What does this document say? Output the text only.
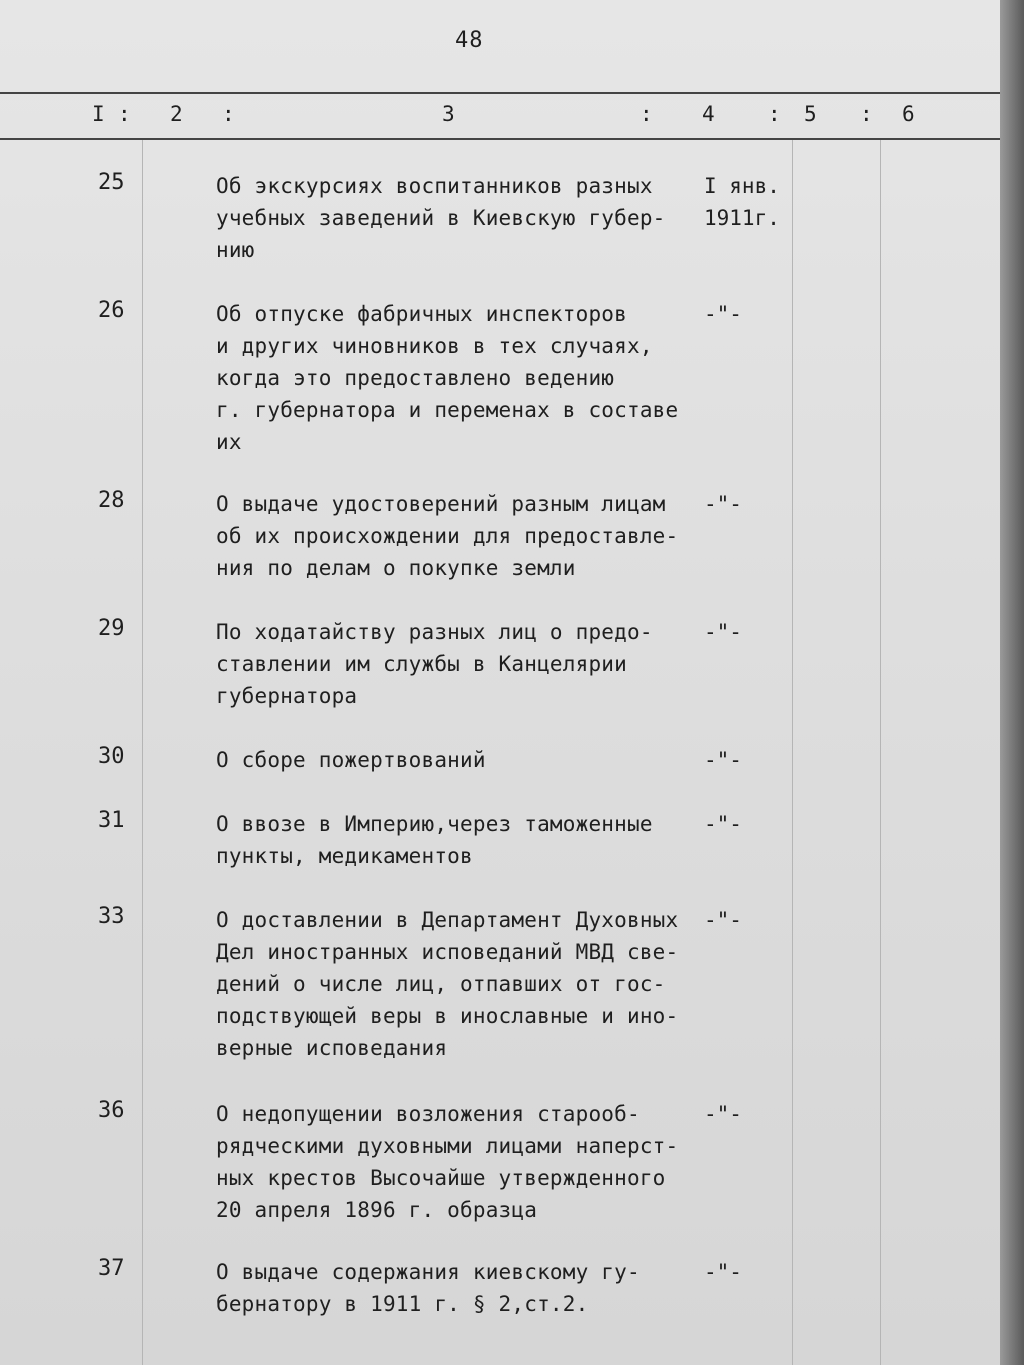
48
I : 2 :	3	: 4	: 5 : 6
25	Об экскурсиях воспитанников разных
учебных заведений в Киевскую губер-
нию
I янв.
1911г.
26	Об отпуске фабричных инспекторов
и других чиновников в тех случаях,
когда это предоставлено ведению
г. губернатора и переменах в составе
их
-"-
28	О выдаче удостоверений разным лицам
об их происхождении для предоставле-
ния по делам о покупке земли
-"-
29	По ходатайству разных лиц о предо-
ставлении им службы в Канцелярии
губернатора
-"-
30	О сборе пожертвований	-"-
31	О ввозе в Империю,через таможенные
пункты, медикаментов
-"-
33	О доставлении в Департамент Духовных
Дел иностранных исповеданий МВД све-
дений о числе лиц, отпавших от гос-
подствующей веры в инославные и ино-
верные исповедания
-"-
36	О недопущении возложения старооб-
рядческими духовными лицами наперст-
ных крестов Высочайше утвержденного
20 апреля 1896 г. образца
-"-
37	О выдаче содержания киевскому гу-
бернатору в 1911 г. § 2,ст.2.
-"-
